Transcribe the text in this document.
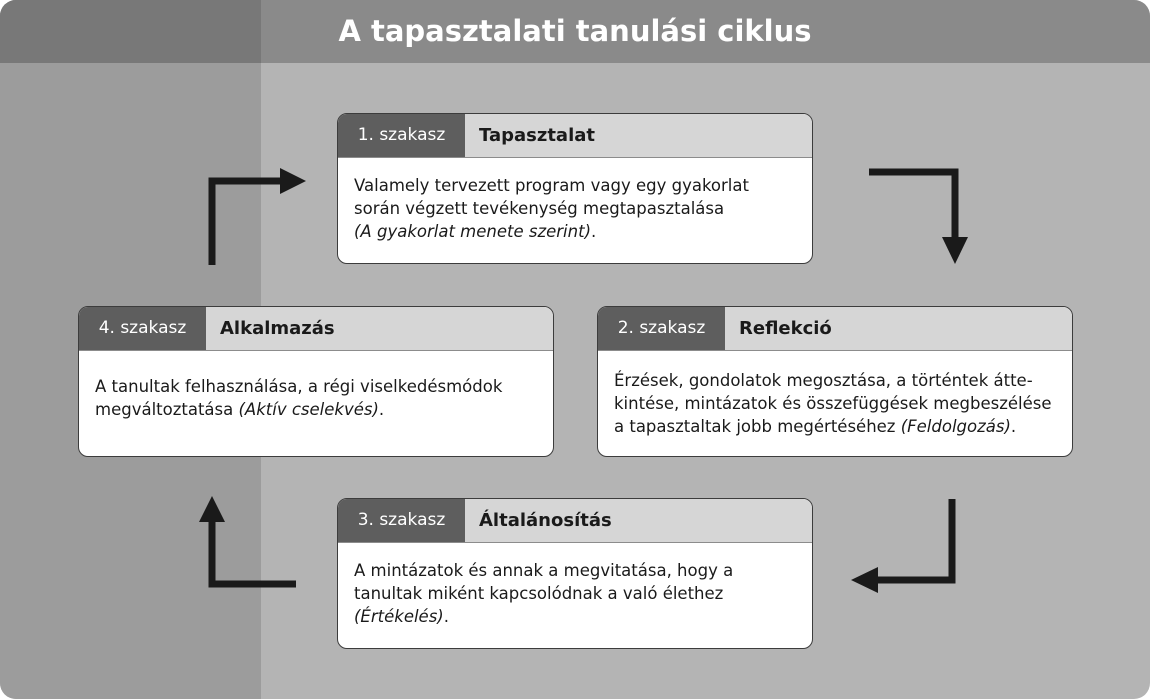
A tapasztalati tanulási ciklus
1. szakasz	Tapasztalat
Valamely tervezett program vagy egy gyakorlat
során végzett tevékenység megtapasztalása
(A gyakorlat menete szerint).
2. szakasz	Reflekció
Érzések, gondolatok megosztása, a történtek átte-
kintése, mintázatok és összefüggések megbeszélése
a tapasztaltak jobb megértéséhez (Feldolgozás).
3. szakasz	Általánosítás
A mintázatok és annak a megvitatása, hogy a
tanultak miként kapcsolódnak a való élethez
(Értékelés).
4. szakasz	Alkalmazás
A tanultak felhasználása, a régi viselkedésmódok
megváltoztatása (Aktív cselekvés).
